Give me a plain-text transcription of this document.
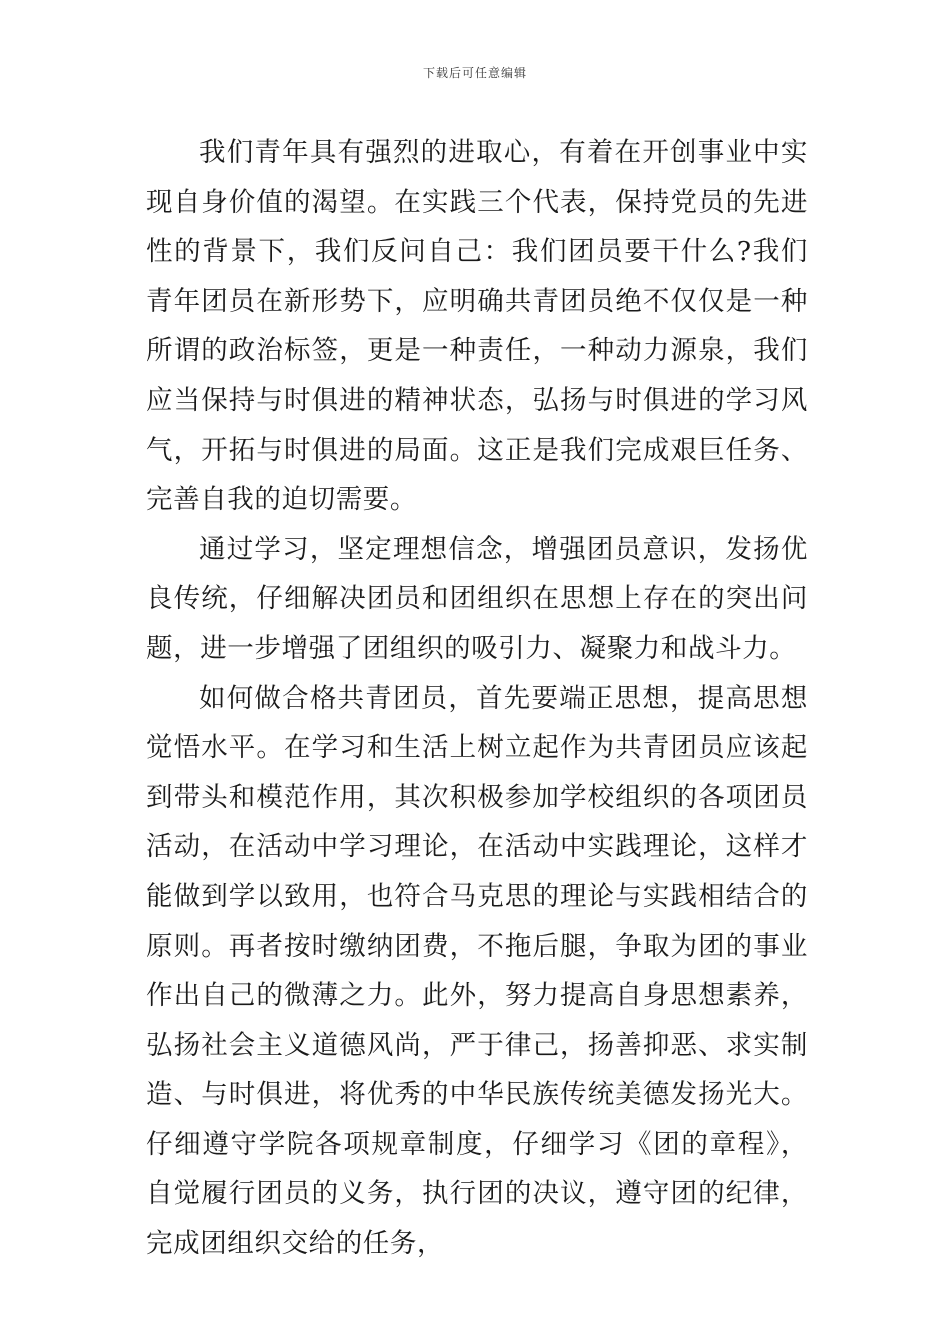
下载后可任意编辑

我们青年具有强烈的进取心，有着在开创事业中实现自身价值的渴望。在实践三个代表，保持党员的先进性的背景下，我们反问自己：我们团员要干什么?我们青年团员在新形势下，应明确共青团员绝不仅仅是一种所谓的政治标签，更是一种责任，一种动力源泉，我们应当保持与时俱进的精神状态，弘扬与时俱进的学习风气，开拓与时俱进的局面。这正是我们完成艰巨任务、完善自我的迫切需要。

通过学习，坚定理想信念，增强团员意识，发扬优良传统，仔细解决团员和团组织在思想上存在的突出问题，进一步增强了团组织的吸引力、凝聚力和战斗力。

如何做合格共青团员，首先要端正思想，提高思想觉悟水平。在学习和生活上树立起作为共青团员应该起到带头和模范作用，其次积极参加学校组织的各项团员活动，在活动中学习理论，在活动中实践理论，这样才能做到学以致用，也符合马克思的理论与实践相结合的原则。再者按时缴纳团费，不拖后腿，争取为团的事业作出自己的微薄之力。此外，努力提高自身思想素养，弘扬社会主义道德风尚，严于律己，扬善抑恶、求实制造、与时俱进，将优秀的中华民族传统美德发扬光大。仔细遵守学院各项规章制度，仔细学习《团的章程》，自觉履行团员的义务，执行团的决议，遵守团的纪律，完成团组织交给的任务，
